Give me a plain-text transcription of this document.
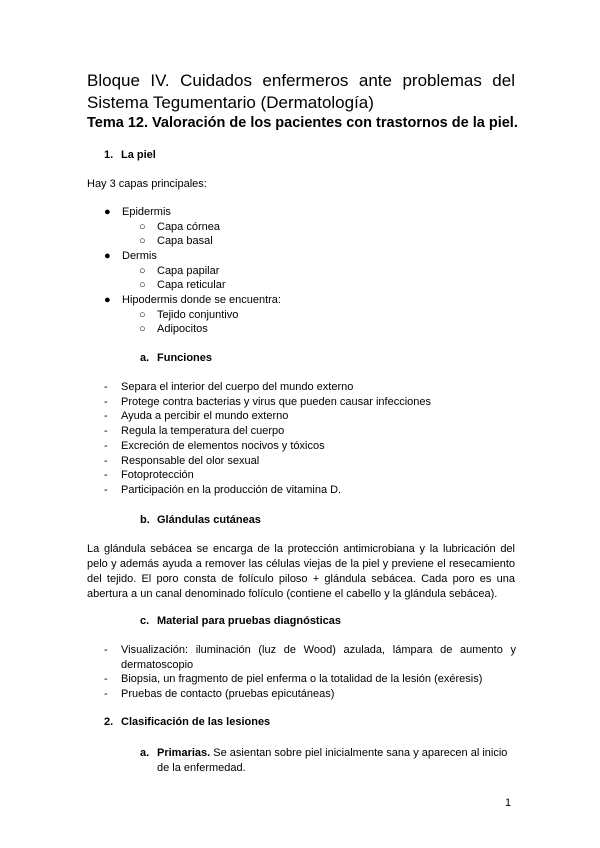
Bloque IV. Cuidados enfermeros ante problemas del
Sistema Tegumentario (Dermatología)
Tema 12. Valoración de los pacientes con trastornos de la piel.
1. La piel
Hay 3 capas principales:
● Epidermis
○ Capa córnea
○ Capa basal
● Dermis
○ Capa papilar
○ Capa reticular
● Hipodermis donde se encuentra:
○ Tejido conjuntivo
○ Adipocitos
a. Funciones
- Separa el interior del cuerpo del mundo externo
- Protege contra bacterias y virus que pueden causar infecciones
- Ayuda a percibir el mundo externo
- Regula la temperatura del cuerpo
- Excreción de elementos nocivos y tóxicos
- Responsable del olor sexual
- Fotoprotección
- Participación en la producción de vitamina D.
b. Glándulas cutáneas
La glándula sebácea se encarga de la protección antimicrobiana y la lubricación del pelo y además ayuda a remover las células viejas de la piel y previene el resecamiento del tejido. El poro consta de folículo piloso + glándula sebácea. Cada poro es una abertura a un canal denominado folículo (contiene el cabello y la glándula sebácea).
c. Material para pruebas diagnósticas
- Visualización: iluminación (luz de Wood) azulada, lámpara de aumento y dermatoscopio
- Biopsia, un fragmento de piel enferma o la totalidad de la lesión (exéresis)
- Pruebas de contacto (pruebas epicutáneas)
2. Clasificación de las lesiones
a. Primarias. Se asientan sobre piel inicialmente sana y aparecen al inicio de la enfermedad.
1
